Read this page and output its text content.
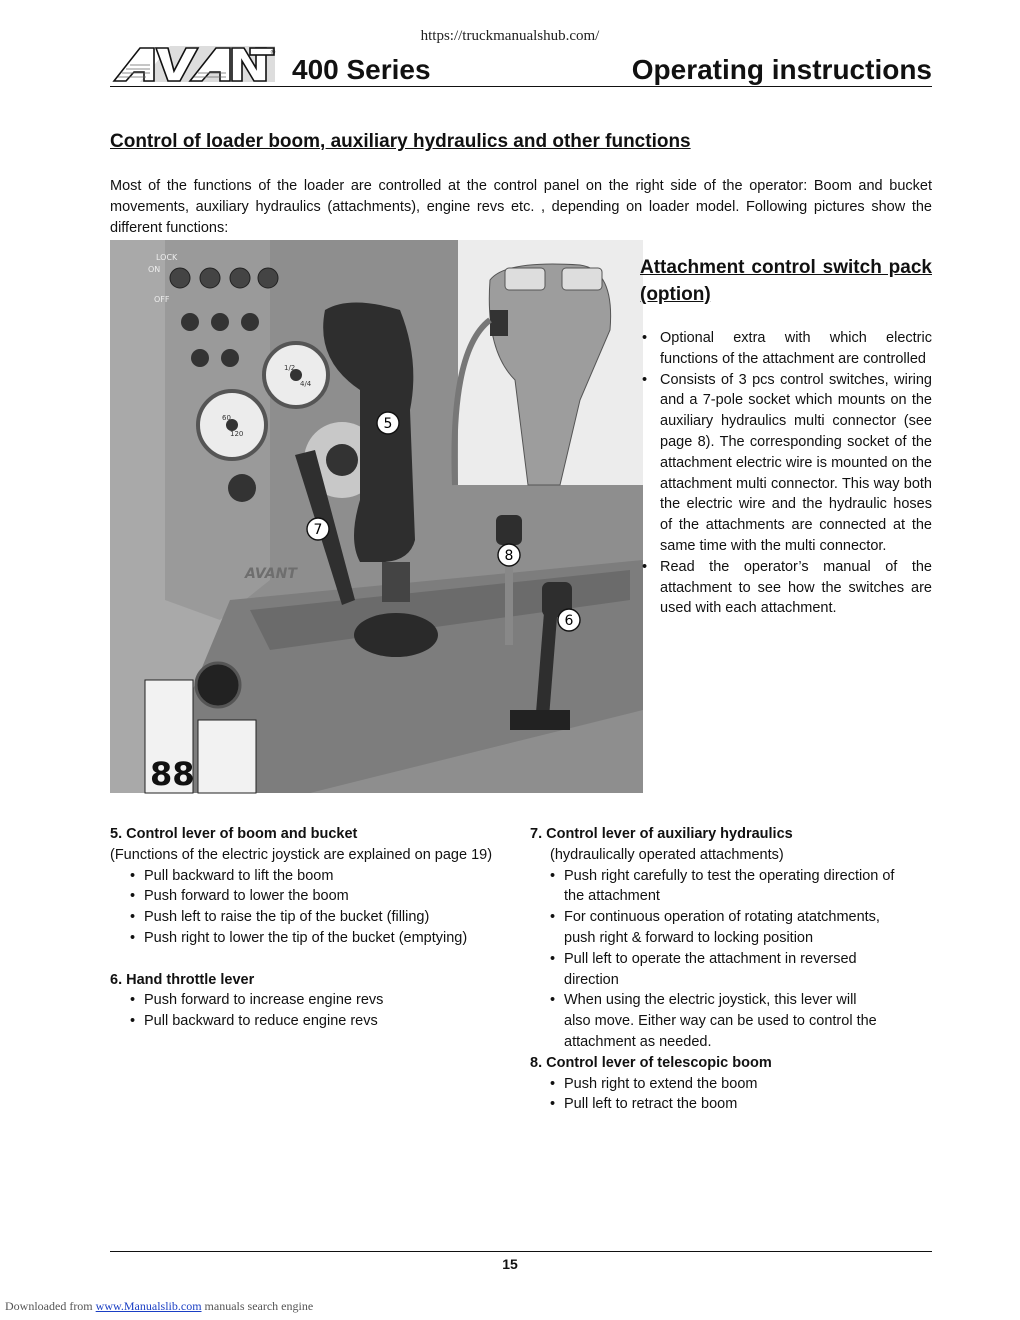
https://truckmanualshub.com/
®
400 Series	Operating instructions
Control of loader boom, auxiliary hydraulics and other functions

Most of the functions of the loader are controlled at the control panel on the right side of the operator: Boom and bucket movements, auxiliary hydraulics (attachments), engine revs etc. , depending on loader model. Following pictures show the different functions:

88
LOCK
ON
OFF
60
120
1/2
4/4
AVANT
5
7
8
6
Attachment control switch pack (option)
• Optional extra with which electric functions of the attachment are controlled
• Consists of 3 pcs control switches, wiring and a 7-pole socket which mounts on the auxiliary hydraulics multi connector (see page 8). The corresponding socket of the attachment electric wire is mounted on the attachment multi connector. This way both the electric wire and the hydraulic hoses of the attachments are connected at the same time with the multi connector.
• Read the operator’s manual of the attachment to see how the switches are used with each attachment.
5. Control lever of boom and bucket
(Functions of the electric joystick are explained on page 19)
• Pull backward to lift the boom
• Push forward to lower the boom
• Push left to raise the tip of the bucket (filling)
• Push right to lower the tip of the bucket (emptying)
6. Hand throttle lever
• Push forward to increase engine revs
• Pull backward to reduce engine revs
7. Control lever of auxiliary hydraulics
(hydraulically operated attachments)
• Push right carefully to test the operating direction of
the attachment
• For continuous operation of rotating atatchments,
push right & forward to locking position
• Pull left to operate the attachment in reversed
direction
• When using the electric joystick, this lever will
also move. Either way can be used to control the
attachment as needed.
8. Control lever of telescopic boom
• Push right to extend the boom
• Pull left to retract the boom
15
Downloaded from www.Manualslib.com manuals search engine
